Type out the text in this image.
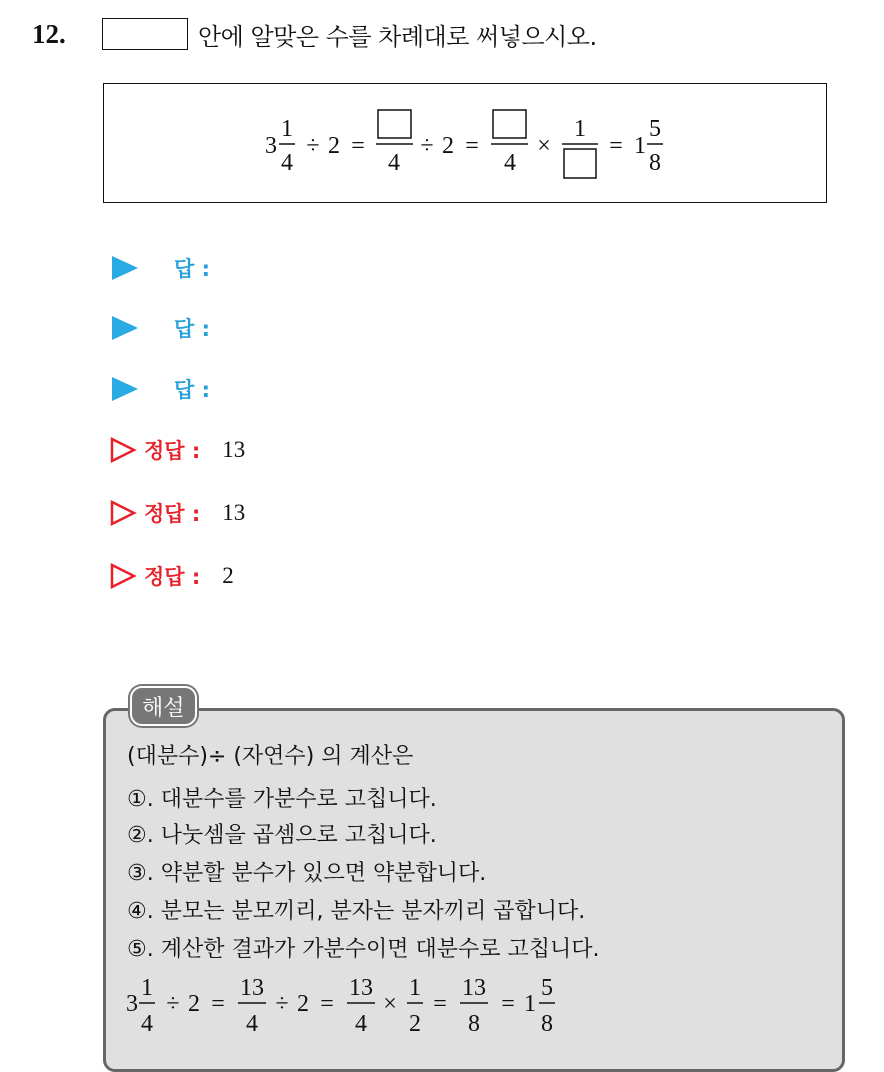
12.	안에 알맞은 수를 차례대로 써넣으시오.
3
1
4
÷ 2 =
4
÷ 2 =
4
×
1
= 1
5
8
답 :
답 :
답 :
정답 : 13
정답 : 13
정답 : 2
해설
(대분수)÷ (자연수) 의 계산은
①. 대분수를 가분수로 고칩니다.
②. 나눗셈을 곱셈으로 고칩니다.
③. 약분할 분수가 있으면 약분합니다.
④. 분모는 분모끼리, 분자는 분자끼리 곱합니다.
⑤. 계산한 결과가 가분수이면 대분수로 고칩니다.
3
1
4
÷ 2 =
13
4
÷ 2 =
13
4
×
1
2
=
13
8
= 1
5
8
